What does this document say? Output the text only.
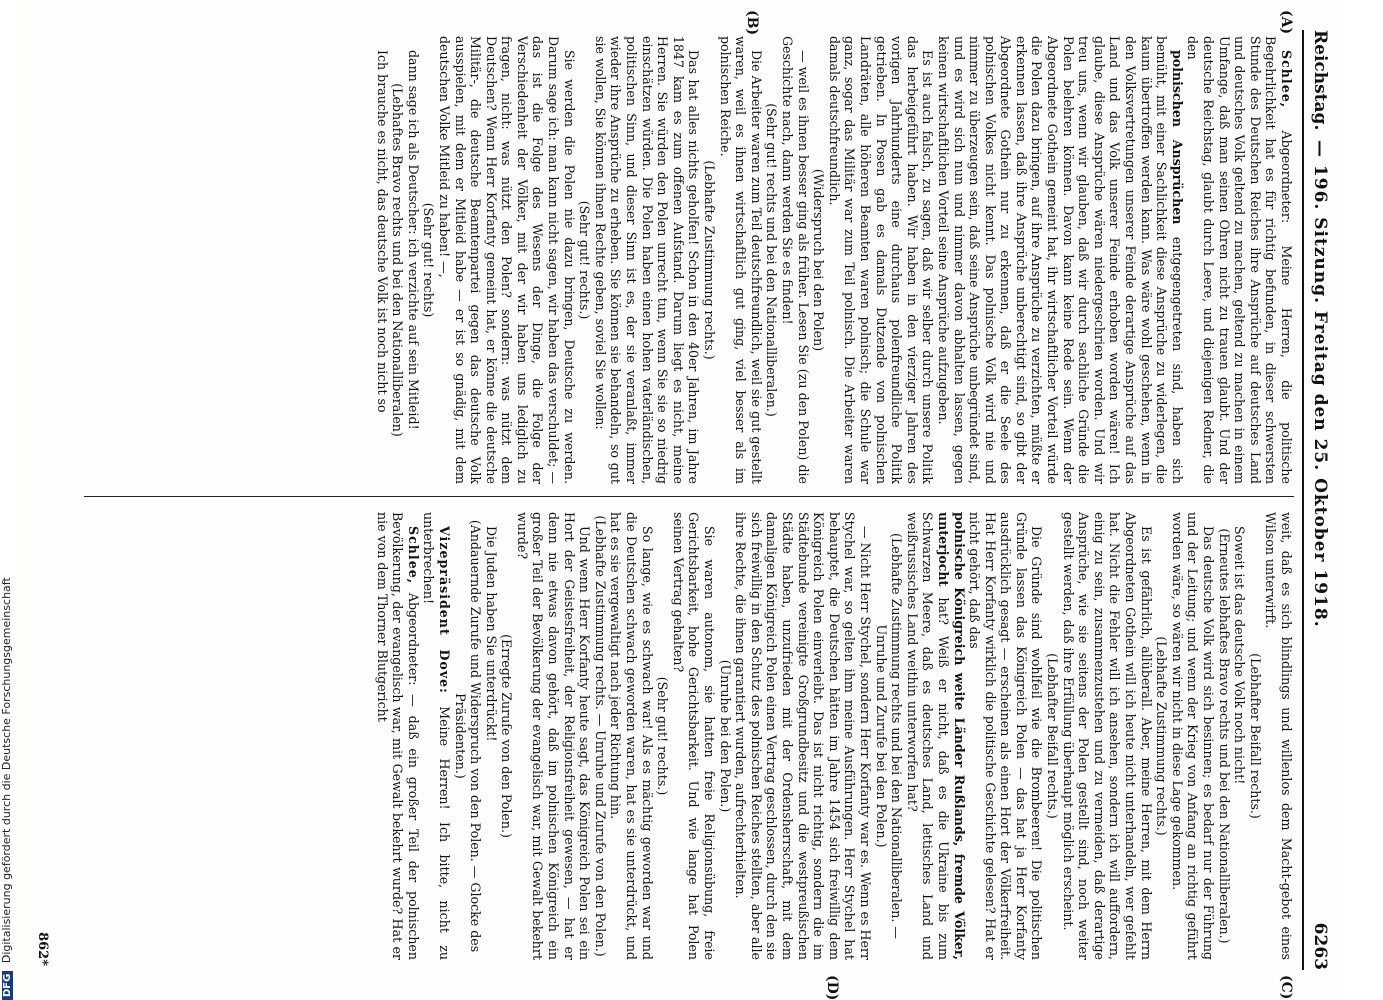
DFG Digitalisierung gefördert durch die Deutsche Forschungsgemeinschaft
Reichstag.
— 196. Sitzung. Freitag den 25. Oktober 1918.
6263
(A)
(B)
(C)
(D)

Schlee, Abgeordneter: Meine Herren, die politische Begehrlichkeit hat es für richtig befunden, in dieser schwersten Stunde des Deutschen Reiches ihre Ansprüche auf deutsches Land und deutsches Volk geltend zu machen, geltend zu machen in einem Umfange, daß man seinen Ohren nicht zu trauen glaubt. Und der deutsche Reichstag, glaubt durch Leere, und diejenigen Redner, die den

polnischen Ansprüchen entgegengetreten sind, haben sich bemüht, mit einer Sachlichkeit diese Ansprüche zu widerlegen, die kaum übertroffen werden kann. Was wäre wohl geschehen, wenn in den Volksvertretungen unserer Feinde derartige Ansprüche auf das Land und das Volk unserer Feinde erhoben worden wären! Ich glaube, diese Ansprüche wären niedergeschrien worden. Und wir treu uns, wenn wir glauben, daß wir durch sachliche Gründe die Polen belehren können. Davon kann keine Rede sein. Wenn der Abgeordnete Gothein gemeint hat, ihr wirtschaftlicher Vorteil würde die Polen dazu bringen, auf ihre Ansprüche zu verzichten, müßte er erkennen lassen, daß ihre Ansprüche unberechtigt sind, so gibt der Abgeordnete Gothein nur zu erkennen, daß er die Seele des polnischen Volkes nicht kennt. Das polnische Volk wird nie und nimmer zu überzeugen sein, daß seine Ansprüche unbegründet sind, und es wird sich nun und nimmer davon abhalten lassen, gegen keinen wirtschaftlichen Vorteil seine Ansprüche aufzugeben.

Es ist auch falsch, zu sagen, daß wir selber durch unsere Politik das herbeigeführt haben. Wir haben in den vierziger Jahren des vorigen Jahrhunderts eine durchaus polenfreundliche Politik getrieben. In Posen gab es damals Dutzende von polnischen Landräten, alle höheren Beamten waren polnisch; die Schule war ganz, sogar das Militär war zum Teil polnisch. Die Arbeiter waren damals deutschfreundlich.

(Widerspruch bei den Polen)

— weil es ihnen besser ging als früher. Lesen Sie (zu den Polen) die Geschichte nach, dann werden Sie es finden!

(Sehr gut! rechts und bei den Nationalliberalen.)

Die Arbeiter waren zum Teil deutschfreundlich, weil sie gut gestellt waren, weil es ihnen wirtschaftlich gut ging, viel besser als im polnischen Reiche.

(Lebhafte Zustimmung rechts.)

Das hat alles nichts geholfen! Schon in den 40er Jahren, im Jahre 1847 kam es zum offenen Aufstand. Darum liegt es nicht, meine Herren. Sie würden den Polen unrecht tun, wenn Sie sie so niedrig einschätzen würden. Die Polen haben einen hohen vaterländischen, politischen Sinn, und dieser Sinn ist es, der sie veranlaßt, immer wieder ihre Ansprüche zu erheben. Sie können sie behandeln, so gut sie wollen, Sie können ihnen Rechte geben, soviel Sie wollen:

(Sehr gut! rechts.)

Sie werden die Polen nie dazu bringen, Deutsche zu werden. Darum sage ich: man kann nicht sagen, wir haben das verschuldet; — das ist die Folge des Wesens der Dinge, die Folge der Verschiedenheit der Völker, mit der wir haben uns lediglich zu fragen, nicht: was nützt den Polen? sondern: was nützt dem Deutschen? Wenn Herr Korfanty gemeint hat, er könne die deutsche Militär-, die deutsche Beamtenpartei gegen das deutsche Volk ausspielen, mit dem er Mitleid habe — er ist so gnädig, mit dem deutschen Volke Mitleid zu haben! —,

(Sehr gut! rechts)

dann sage ich als Deutscher: ich verzichte auf sein Mitleid!

(Lebhaftes Bravo rechts und bei den Nationalliberalen)

Ich brauche es nicht, das deutsche Volk ist noch nicht so

weit, daß es sich blindlings und willenlos dem Macht-gebot eines Wilson unterwirft.

(Lebhafter Beifall rechts.)

Soweit ist das deutsche Volk noch nicht!

(Erneutes lebhaftes Bravo rechts und bei den Nationalliberalen.)

Das deutsche Volk wird sich besinnen; es bedarf nur der Führung und der Leitung; und wenn der Krieg von Anfang an richtig geführt worden wäre, so wären wir nicht in diese Lage gekommen.

(Lebhafte Zustimmung rechts.)

Es ist gefährlich, allüberall. Aber, meine Herren, mit dem Herrn Abgeordneten Gothein will ich heute nicht unterhandeln, wer gefehlt hat. Nicht die Fehler will ich ansehen, sondern ich will auffordern, einig zu sein, zusammenzustehen und zu vermeiden, daß derartige Ansprüche, wie sie seitens der Polen gestellt sind, noch weiter gestellt werden, daß ihre Erfüllung überhaupt möglich erscheint.

(Lebhafter Beifall rechts.)

Die Gründe sind wohlfeil wie die Brombeeren! Die politischen Gründe lassen das Königreich Polen — das hat ja Herr Korfanty ausdrücklich gesagt — erscheinen als einen Hort der Völkerfreiheit. Hat Herr Korfanty wirklich die politische Geschichte gelesen? Hat er nicht gehört, daß das

polnische Königreich weite Länder Rußlands, fremde Völker, unterjocht hat? Weiß er nicht, daß es die Ukraine bis zum Schwarzen Meere, daß es deutsches Land, lettisches Land und weißrussisches Land weithin unterworfen hat?

(Lebhafte Zustimmung rechts und bei den Nationalliberalen. — Unruhe und Zurufe bei den Polen.)

— Nicht Herr Stychel, sondern Herr Korfanty war es. Wenn es Herr Stychel war, so gelten ihm meine Ausführungen. Herr Stychel hat behauptet, die Deutschen hätten im Jahre 1454 sich freiwillig dem Königreich Polen einverleibt. Das ist nicht richtig, sondern die im Städtebunde vereinigte Großgrundbesitz und die westpreußischen Städte haben, unzufrieden mit der Ordensherrschaft, mit dem damaligen Königreich Polen einen Vertrag geschlossen, durch den sie sich freiwillig in den Schutz des polnischen Reiches stellten, aber alle ihre Rechte, die ihnen garantiert wurden, aufrechterhielten.

(Unruhe bei den Polen.)

Sie waren autonom, sie hatten freie Religionsübung, freie Gerichtsbarkeit, hohe Gerichtsbarkeit. Und wie lange hat Polen seinen Vertrag gehalten?

(Sehr gut! rechts.)

So lange, wie es schwach war! Als es mächtig geworden war und die Deutschen schwach geworden waren, hat es sie unterdrückt, und hat es sie vergewaltigt nach jeder Richtung hin.

(Lebhafte Zustimmung rechts. — Unruhe und Zurufe von den Polen.)

Und wenn Herr Korfanty heute sagt, das Königreich Polen sei ein Hort der Geistesfreiheit, der Religionsfreiheit gewesen, — hat er denn nie etwas davon gehört, daß im polnischen Königreich ein großer Teil der Bevölkerung der evangelisch war, mit Gewalt bekehrt wurde?

(Erregte Zurufe von den Polen.)

Die Juden haben Sie unterdrückt!

(Andauernde Zurufe und Widerspruch von den Polen. — Glocke des Präsidenten.)

Vizepräsident Dove: Meine Herren! Ich bitte, nicht zu unterbrechen!

Schlee, Abgeordneter: — daß ein großer Teil der polnischen Bevölkerung, der evangelisch war, mit Gewalt bekehrt wurde? Hat er nie von dem Thorner Blutgericht

862*
